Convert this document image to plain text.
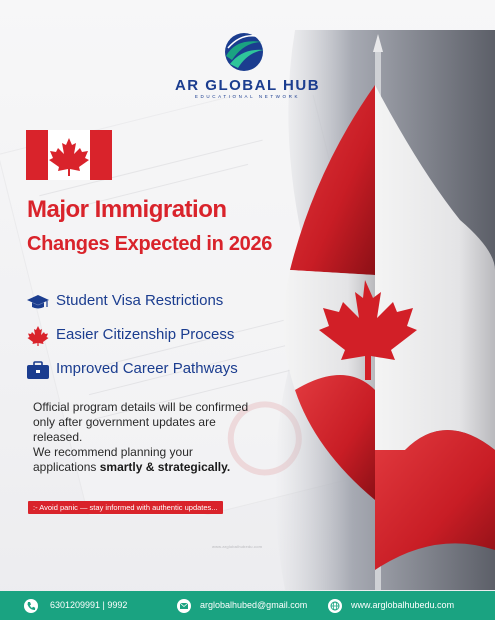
AR GLOBAL HUB
EDUCATIONAL NETWORK
Major Immigration
Changes Expected in 2026
Student Visa Restrictions
Easier Citizenship Process
Improved Career Pathways
Official program details will be confirmed
only after government updates are
released.
We recommend planning your
applications smartly & strategically.
:- Avoid panic — stay informed with authentic updates...
www.arglobalhubedu.com
6301209991 | 9992	arglobalhubed@gmail.com	www.arglobalhubedu.com
